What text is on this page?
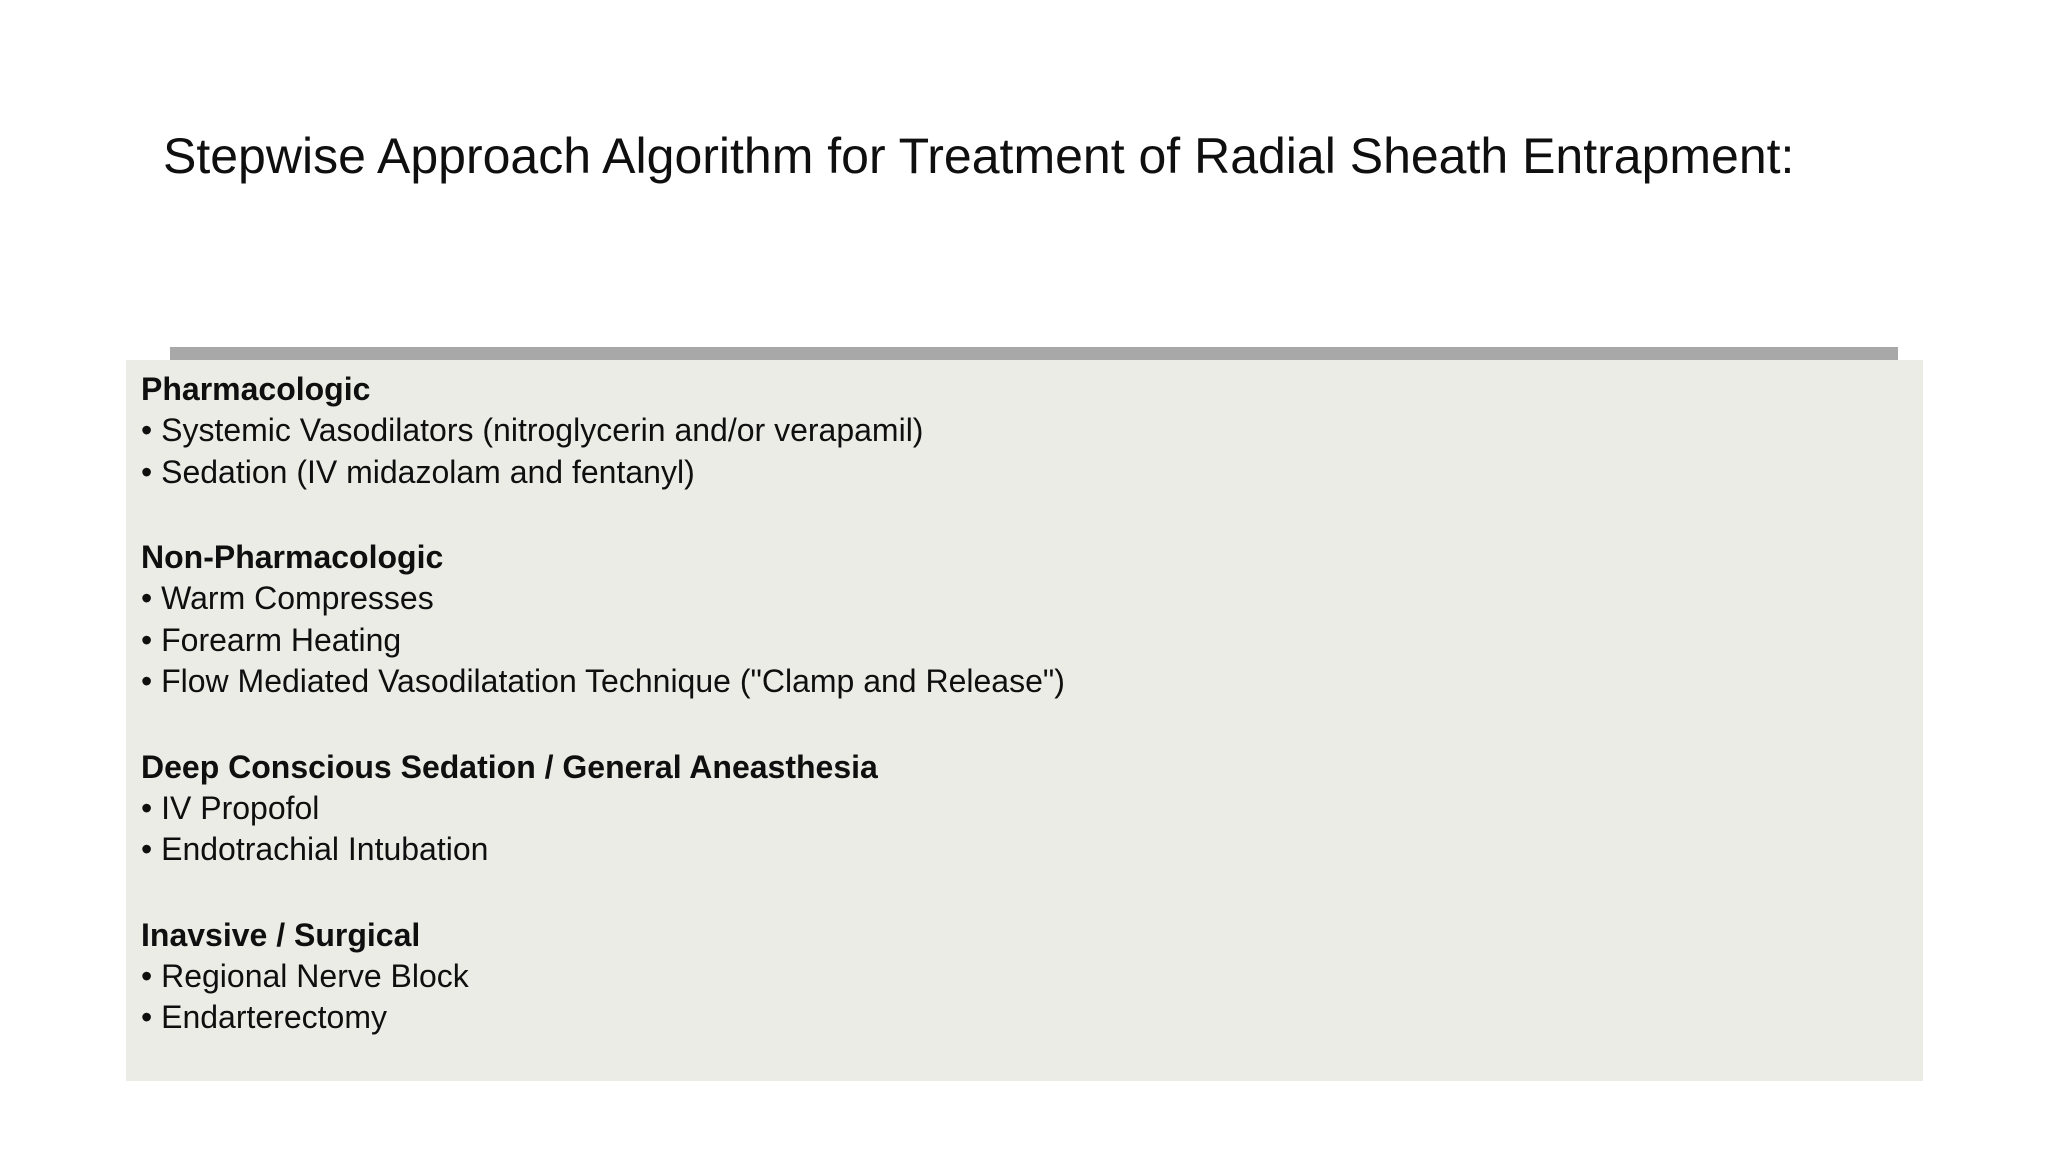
Stepwise Approach Algorithm for Treatment of Radial Sheath Entrapment:
Pharmacologic
• Systemic Vasodilators (nitroglycerin and/or verapamil)
• Sedation (IV midazolam and fentanyl)
Non-Pharmacologic
• Warm Compresses
• Forearm Heating
• Flow Mediated Vasodilatation Technique ("Clamp and Release")
Deep Conscious Sedation / General Aneasthesia
• IV Propofol
• Endotrachial Intubation
Inavsive / Surgical
• Regional Nerve Block
• Endarterectomy
